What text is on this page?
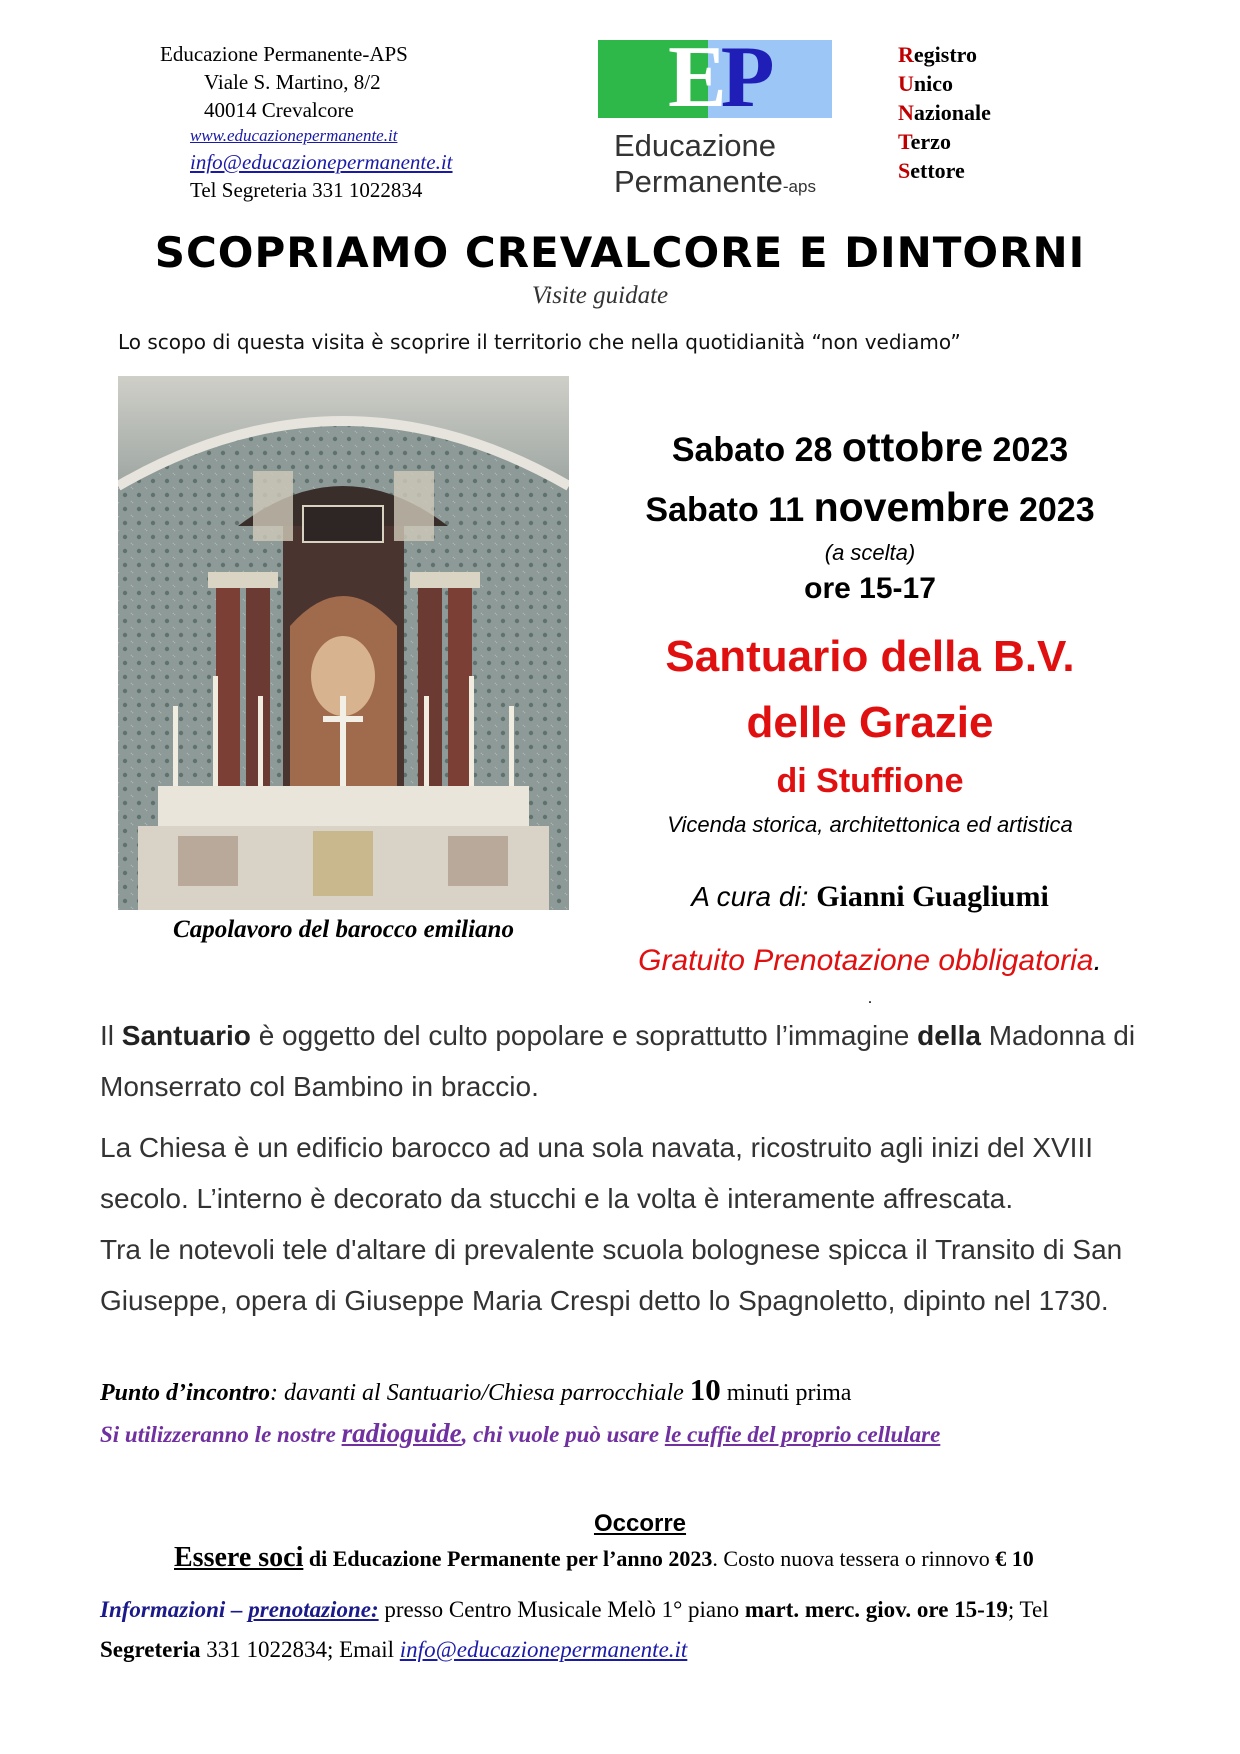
Educazione Permanente-APS
Viale S. Martino, 8/2
40014 Crevalcore
www.educazionepermanente.it
info@educazionepermanente.it
Tel Segreteria 331 1022834
EP
Educazione
Permanente-aps
Registro
Unico
Nazionale
Terzo
Settore
SCOPRIAMO CREVALCORE E DINTORNI
Visite guidate
Lo scopo di questa visita è scoprire il territorio che nella quotidianità “non vediamo”
Capolavoro del barocco emiliano
Sabato 28 ottobre 2023
Sabato 11 novembre 2023
(a scelta)
ore 15-17
Santuario della B.V.
delle Grazie
di Stuffione
Vicenda storica, architettonica ed artistica
A cura di: Gianni Guagliumi
Gratuito Prenotazione obbligatoria.
.
Il Santuario è oggetto del culto popolare e soprattutto l’immagine della Madonna di Monserrato col Bambino in braccio.
La Chiesa è un edificio barocco ad una sola navata, ricostruito agli inizi del XVIII secolo. L’interno è decorato da stucchi e la volta è interamente affrescata.
Tra le notevoli tele d'altare di prevalente scuola bolognese spicca il Transito di San Giuseppe, opera di Giuseppe Maria Crespi detto lo Spagnoletto, dipinto nel 1730.
Punto d’incontro: davanti al Santuario/Chiesa parrocchiale 10 minuti prima
Si utilizzeranno le nostre radioguide, chi vuole può usare le cuffie del proprio cellulare
Occorre
Essere soci di Educazione Permanente per l’anno 2023. Costo nuova tessera o rinnovo € 10
Informazioni – prenotazione: presso Centro Musicale Melò 1° piano mart. merc. giov. ore 15-19; Tel Segreteria 331 1022834; Email info@educazionepermanente.it
